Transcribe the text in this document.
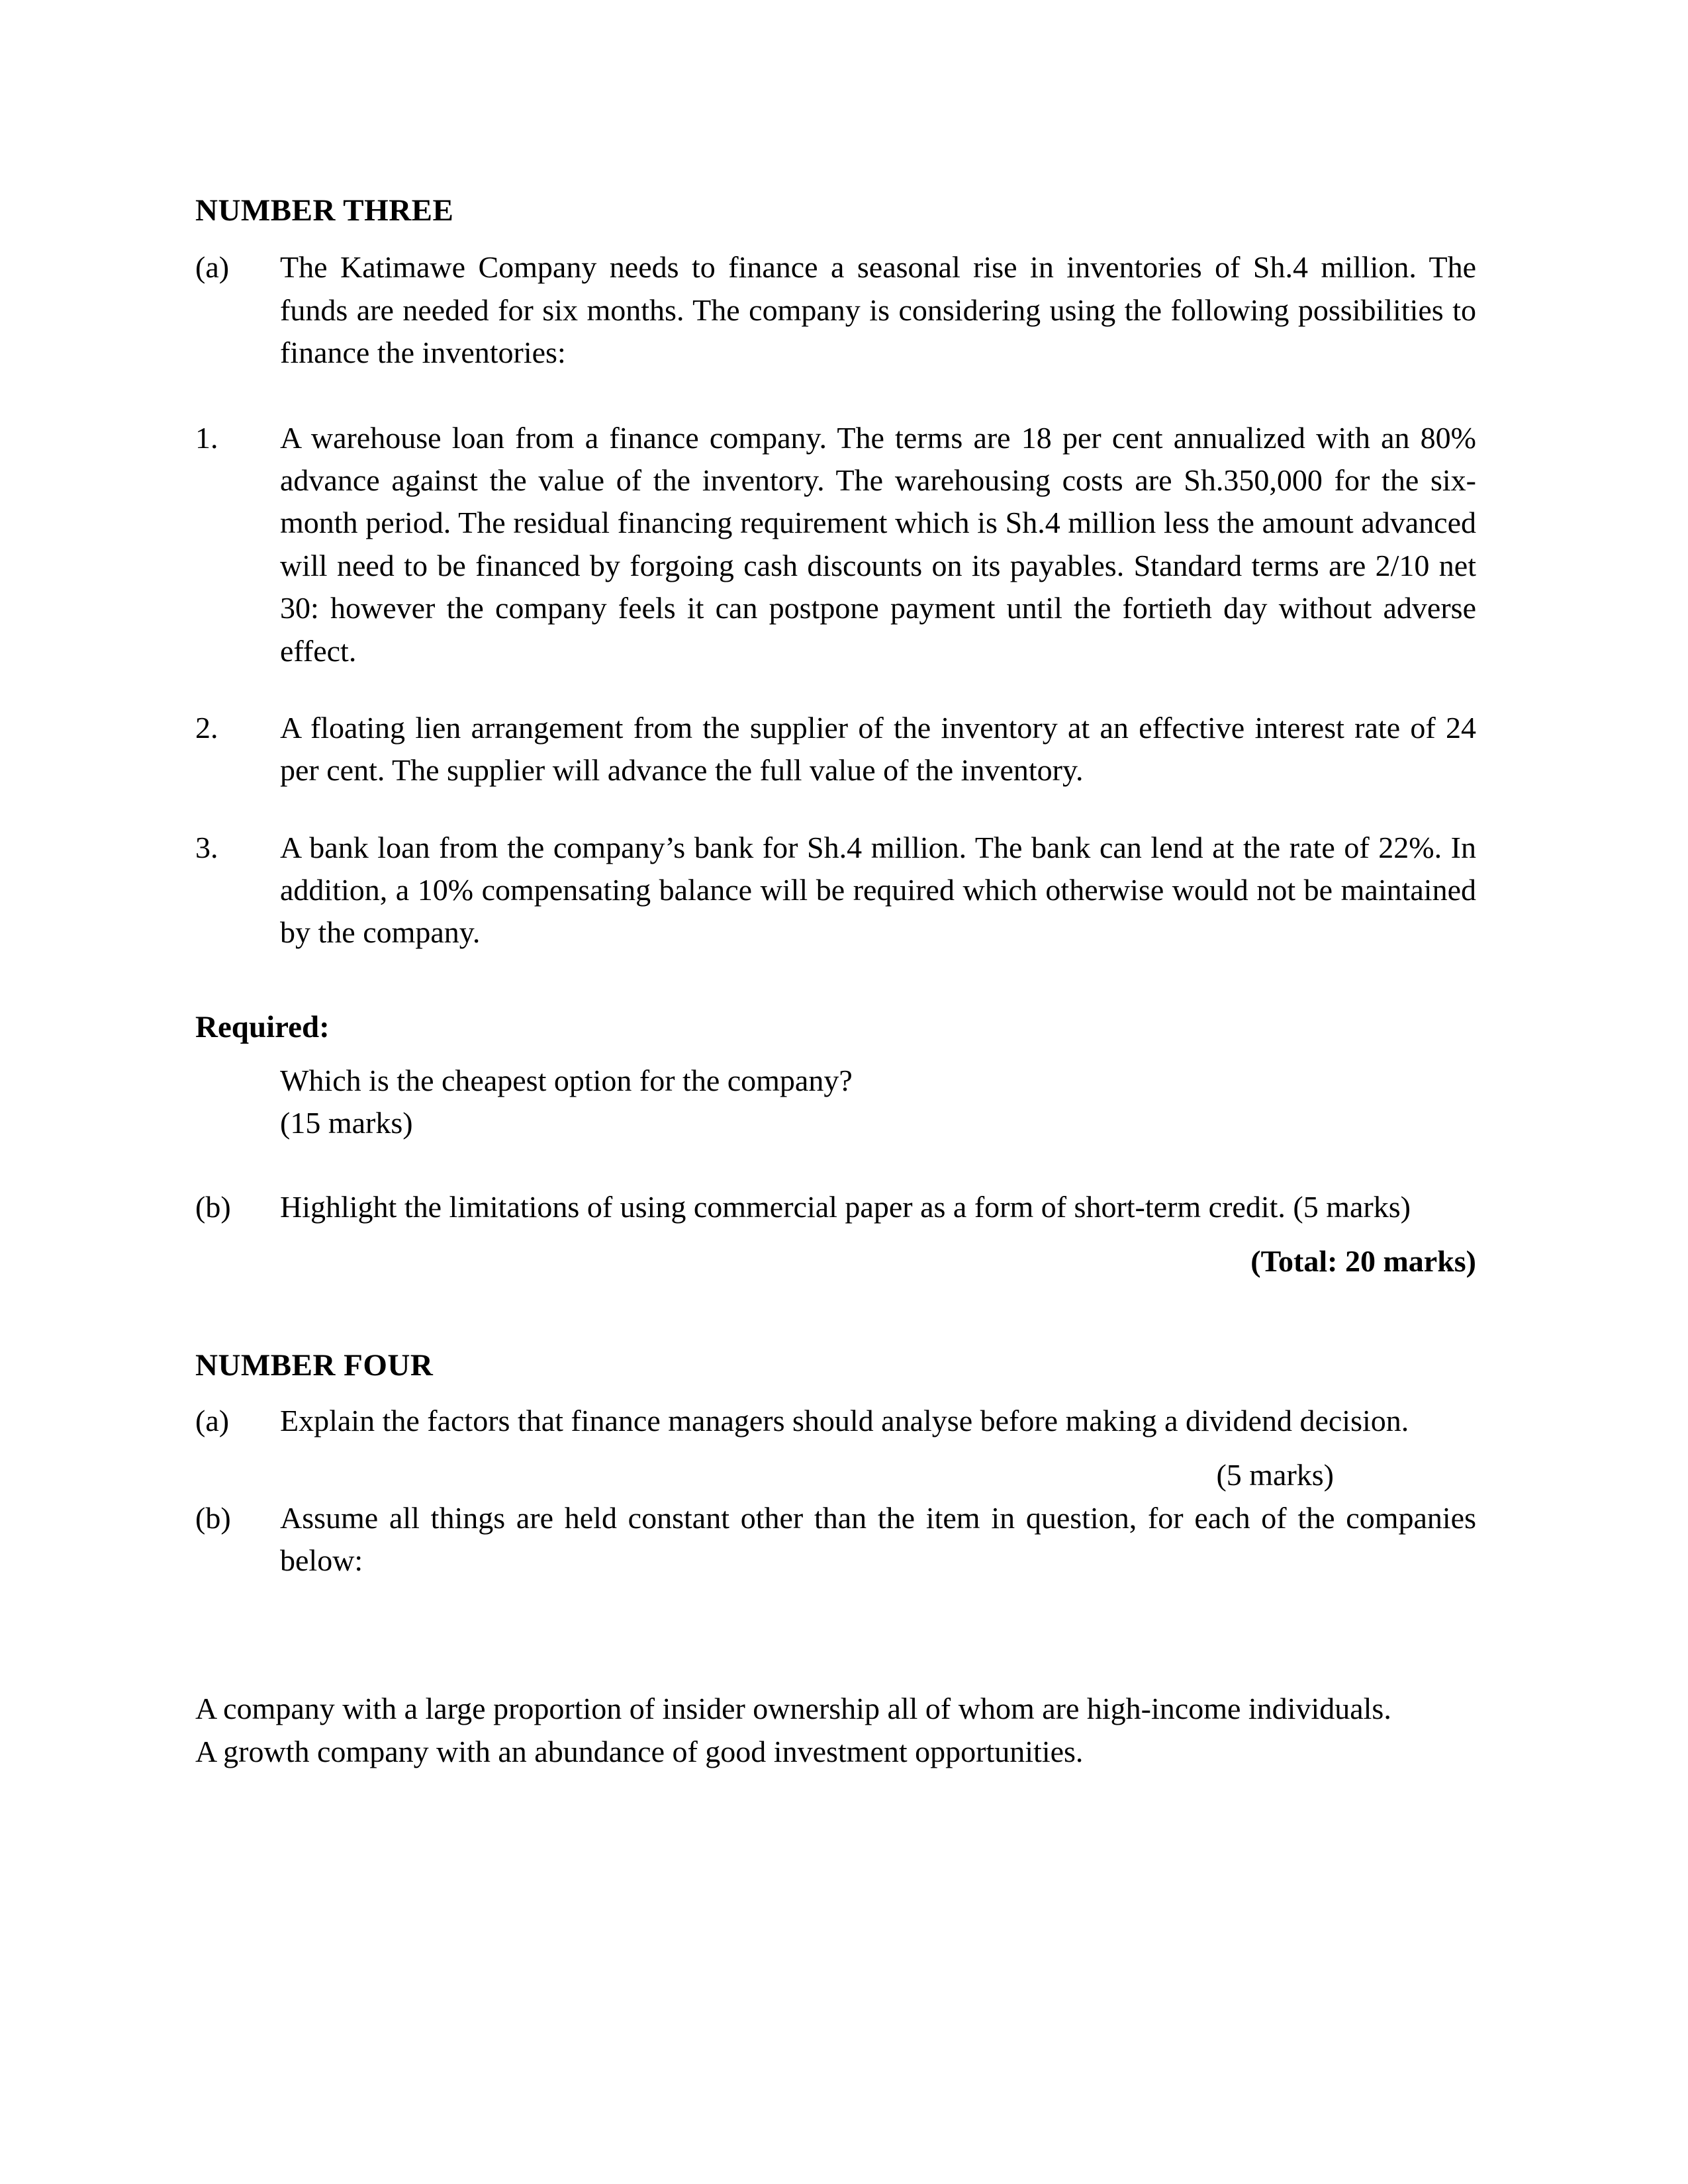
NUMBER THREE
(a)	The Katimawe Company needs to finance a seasonal rise in inventories of Sh.4 million. The funds are needed for six months. The company is considering using the following possibilities to finance the inventories:
1.	A warehouse loan from a finance company. The terms are 18 per cent annualized with an 80% advance against the value of the inventory. The warehousing costs are Sh.350,000 for the six-month period. The residual financing requirement which is Sh.4 million less the amount advanced will need to be financed by forgoing cash discounts on its payables. Standard terms are 2/10 net 30: however the company feels it can postpone payment until the fortieth day without adverse effect.
2.	A floating lien arrangement from the supplier of the inventory at an effective interest rate of 24 per cent. The supplier will advance the full value of the inventory.
3.	A bank loan from the company’s bank for Sh.4 million. The bank can lend at the rate of 22%. In addition, a 10% compensating balance will be required which otherwise would not be maintained by the company.

Required:

Which is the cheapest option for the company?

(15 marks)

(b) Highlight the limitations of using commercial paper as a form of short-term credit. (5 marks)

(Total: 20 marks)

NUMBER FOUR

(a) Explain the factors that finance managers should analyse before making a dividend decision.

(5 marks)

(b)	Assume all things are held constant other than the item in question, for each of the companies below:

A company with a large proportion of insider ownership all of whom are high-income individuals.

A growth company with an abundance of good investment opportunities.
